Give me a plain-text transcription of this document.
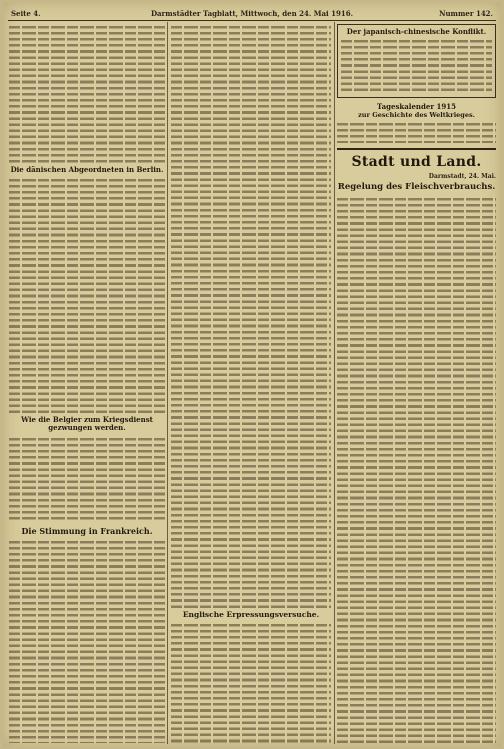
Seite 4.	Darmstädter Tagblatt, Mittwoch, den 24. Mai 1916.	Nummer 142.
Die dänischen Abgeordneten in Berlin.
Wie die Belgier zum Kriegsdienst gezwungen werden.
Die Stimmung in Frankreich.
Englische Erpressungsversuche.
Der japanisch-chinesische Konflikt.
Tageskalender 1915
zur Geschichte des Weltkrieges.
Stadt und Land.
Darmstadt, 24. Mai.
Regelung des Fleischverbrauchs.
